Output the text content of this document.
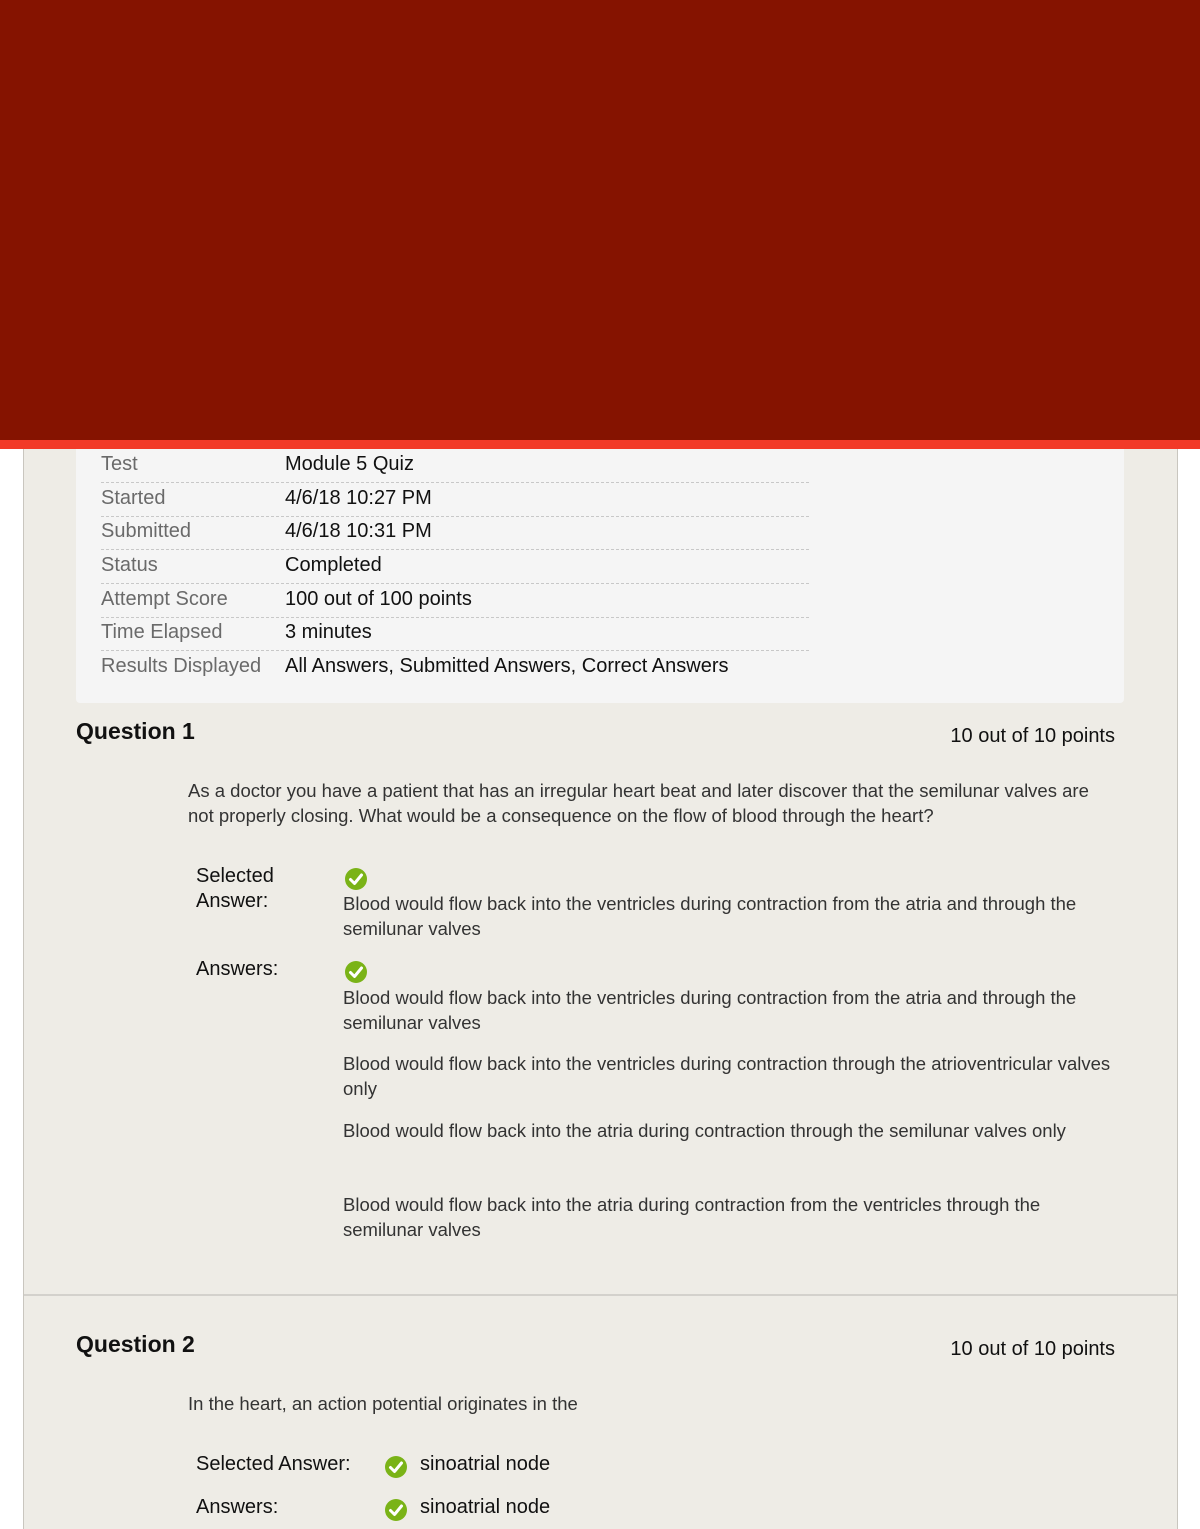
Test	Module 5 Quiz
Started	4/6/18 10:27 PM
Submitted	4/6/18 10:31 PM
Status	Completed
Attempt Score	100 out of 100 points
Time Elapsed	3 minutes
Results Displayed All Answers, Submitted Answers, Correct Answers
Question 1	10 out of 10 points
As a doctor you have a patient that has an irregular heart beat and later discover that the semilunar valves are not properly closing. What would be a consequence on the flow of blood through the heart?
Selected Answer:	Blood would flow back into the ventricles during contraction from the atria and through the semilunar valves
Answers:
Blood would flow back into the ventricles during contraction from the atria and through the semilunar valves
Blood would flow back into the ventricles during contraction through the atrioventricular valves only
Blood would flow back into the atria during contraction through the semilunar valves only
Blood would flow back into the atria during contraction from the ventricles through the semilunar valves
Question 2	10 out of 10 points
In the heart, an action potential originates in the
Selected Answer:	sinoatrial node
Answers:	sinoatrial node
